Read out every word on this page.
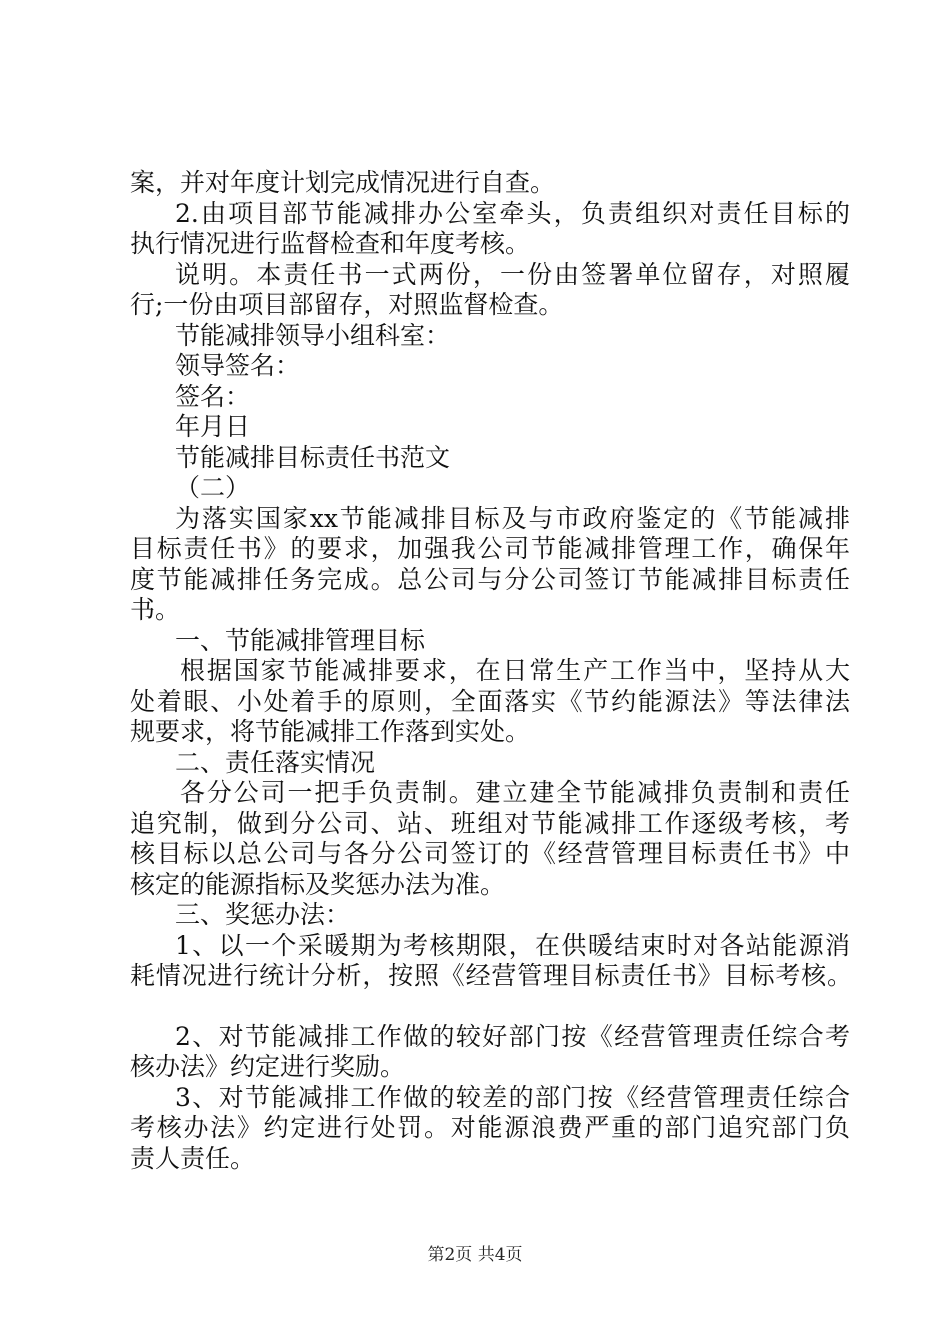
案，并对年度计划完成情况进行自查。
2.由项目部节能减排办公室牵头，负责组织对责任目标的
执行情况进行监督检查和年度考核。
说明。本责任书一式两份，一份由签署单位留存，对照履
行;一份由项目部留存，对照监督检查。
节能减排领导小组科室：
领导签名：
签名：
年月日
节能减排目标责任书范文
（二）
为落实国家xx节能减排目标及与市政府鉴定的《节能减排
目标责任书》的要求，加强我公司节能减排管理工作，确保年
度节能减排任务完成。总公司与分公司签订节能减排目标责任
书。
一、节能减排管理目标
根据国家节能减排要求，在日常生产工作当中，坚持从大
处着眼、小处着手的原则，全面落实《节约能源法》等法律法
规要求，将节能减排工作落到实处。
二、责任落实情况
各分公司一把手负责制。建立建全节能减排负责制和责任
追究制，做到分公司、站、班组对节能减排工作逐级考核，考
核目标以总公司与各分公司签订的《经营管理目标责任书》中
核定的能源指标及奖惩办法为准。
三、奖惩办法：
1、以一个采暖期为考核期限，在供暖结束时对各站能源消
耗情况进行统计分析，按照《经营管理目标责任书》目标考核。
2、对节能减排工作做的较好部门按《经营管理责任综合考
核办法》约定进行奖励。
3、对节能减排工作做的较差的部门按《经营管理责任综合
考核办法》约定进行处罚。对能源浪费严重的部门追究部门负
责人责任。
第2页 共4页
